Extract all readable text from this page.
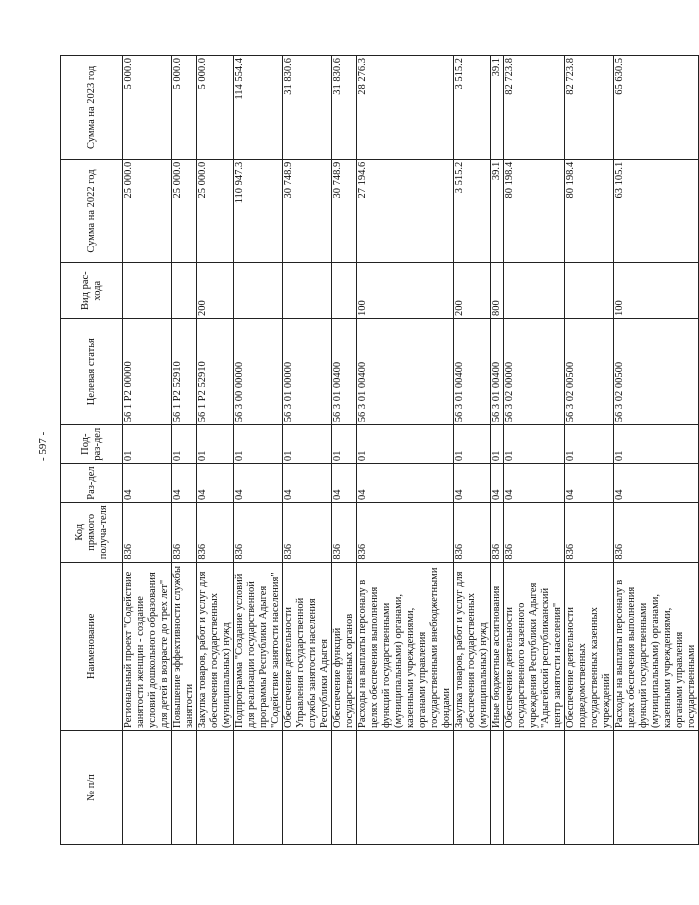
- 597 -
№ п/п	Наименование	Код прямого получа-теля	Раз-дел	Под-раз-дел	Целевая статья	Вид рас-хода	Сумма на 2022 год	Сумма на 2023 год
	Региональный проект "Содействие занятости женщин - создание условий дошкольного образования для детей в возрасте до трех лет"	836	04	01	56 1 P2 00000		25 000.0	5 000.0
	Повышение эффективности службы занятости	836	04	01	56 1 P2 52910		25 000.0	5 000.0
	Закупка товаров, работ и услуг для обеспечения государственных (муниципальных) нужд	836	04	01	56 1 P2 52910	200	25 000.0	5 000.0
	Подпрограмма "Создание условий для реализации государственной программы Республики Адыгея "Содействие занятости населения"	836	04	01	56 3 00 00000		110 947.3	114 554.4
	Обеспечение деятельности Управления государственной службы занятости населения Республики Адыгея	836	04	01	56 3 01 00000		30 748.9	31 830.6
	Обеспечение функций государственных органов	836	04	01	56 3 01 00400		30 748.9	31 830.6
	Расходы на выплаты персоналу в целях обеспечения выполнения функций государственными (муниципальными) органами, казенными учреждениями, органами управления государственными внебюджетными фондами	836	04	01	56 3 01 00400	100	27 194.6	28 276.3
	Закупка товаров, работ и услуг для обеспечения государственных (муниципальных) нужд	836	04	01	56 3 01 00400	200	3 515.2	3 515.2
	Иные бюджетные ассигнования	836	04	01	56 3 01 00400	800	39.1	39.1
	Обеспечение деятельности государственного казенного учреждения Республики Адыгея "Адыгейский республиканский центр занятости населения"	836	04	01	56 3 02 00000		80 198.4	82 723.8
	Обеспечение деятельности подведомственных государственных казенных учреждений	836	04	01	56 3 02 00500		80 198.4	82 723.8
	Расходы на выплаты персоналу в целях обеспечения выполнения функций государственными (муниципальными) органами, казенными учреждениями, органами управления государственными	836	04	01	56 3 02 00500	100	63 105.1	65 630.5
